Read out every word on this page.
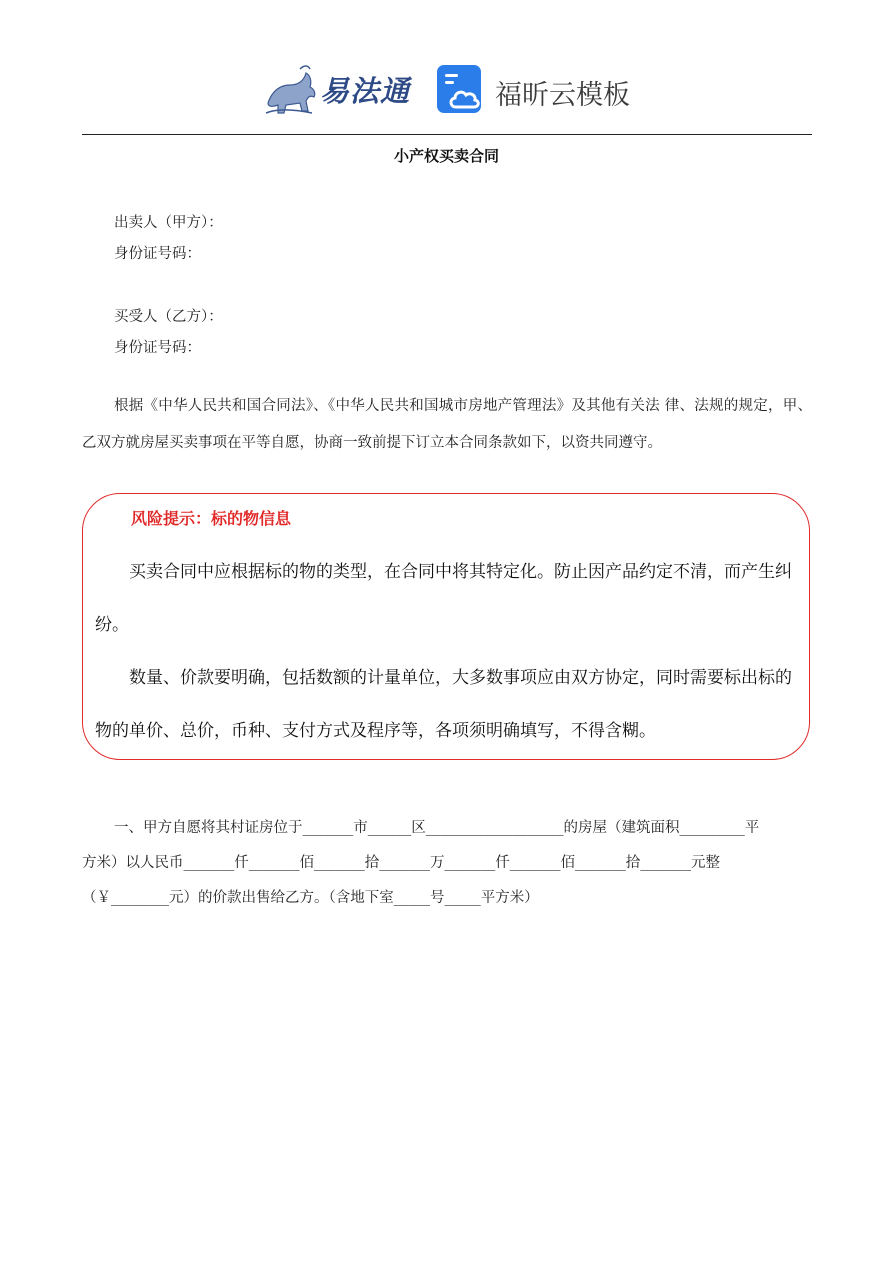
易法通	福昕云模板
小产权买卖合同
出卖人（甲方）：
身份证号码：
买受人（乙方）：
身份证号码：
根据《中华人民共和国合同法》、《中华人民共和国城市房地产管理法》及其他有关法 律、法规的规定，甲、乙双方就房屋买卖事项在平等自愿，协商一致前提下订立本合同条款如下，以资共同遵守。
风险提示：标的物信息
买卖合同中应根据标的物的类型，在合同中将其特定化。防止因产品约定不清，而产生纠纷。
数量、价款要明确，包括数额的计量单位，大多数事项应由双方协定，同时需要标出标的物的单价、总价，币种、支付方式及程序等，各项须明确填写，不得含糊。
一、甲方自愿将其村证房位于_______市______区___________________的房屋（建筑面积_________平
方米）以人民币_______仟_______佰_______拾_______万_______仟_______佰_______拾_______元整
（￥________元）的价款出售给乙方。（含地下室_____号_____平方米）
